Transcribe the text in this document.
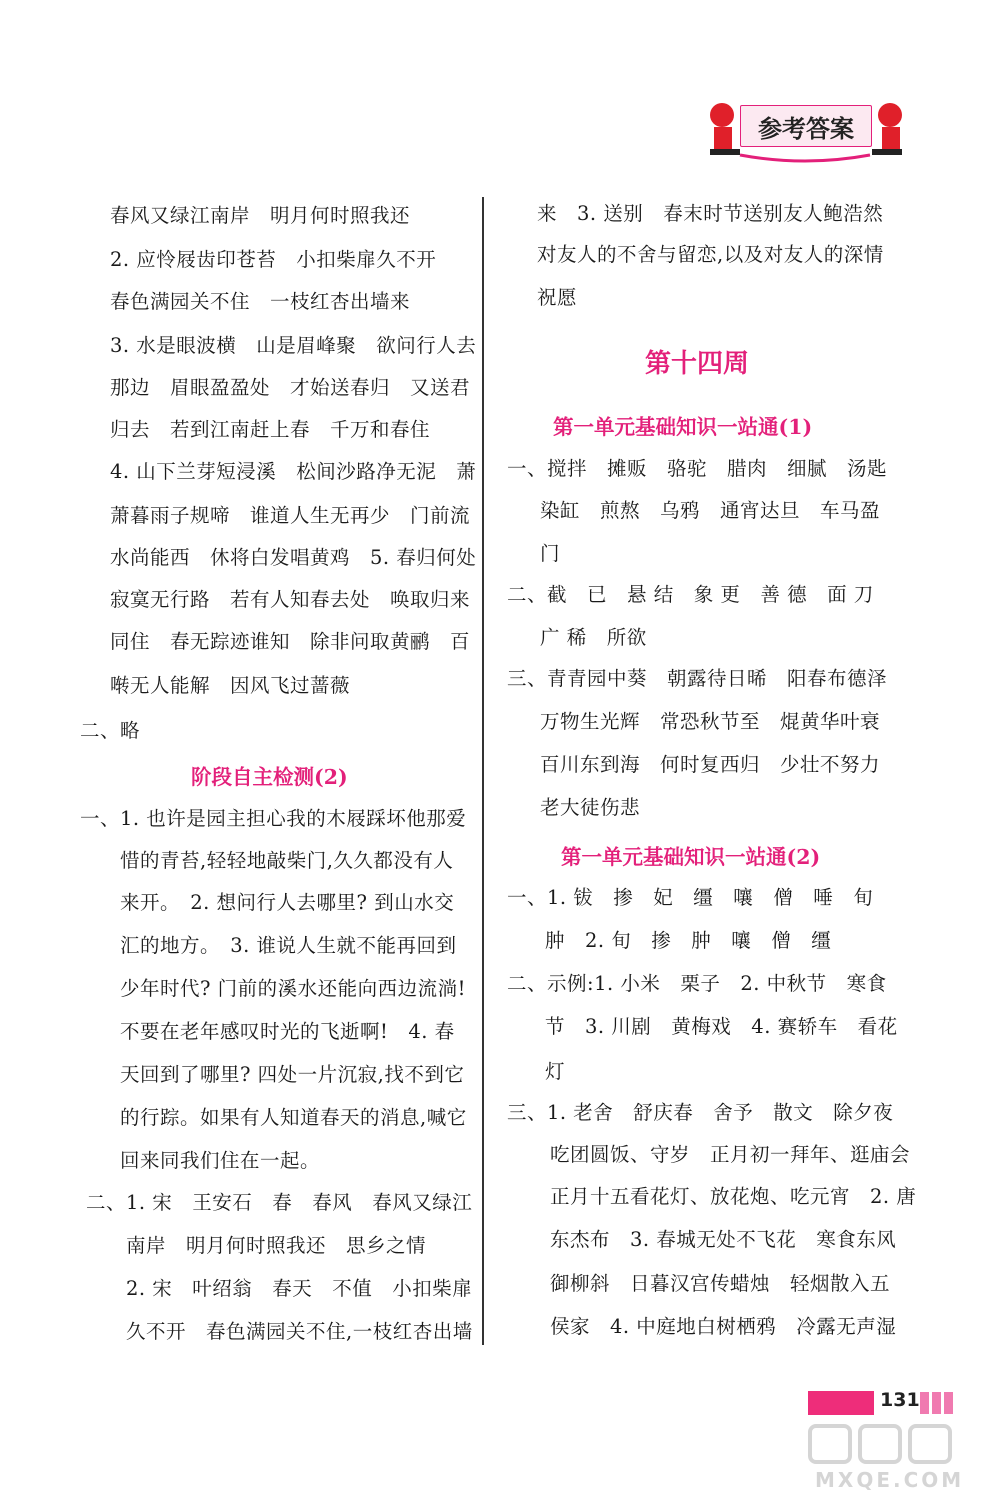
参考答案
春风又绿江南岸　明月何时照我还
2. 应怜屐齿印苍苔　小扣柴扉久不开
春色满园关不住　一枝红杏出墙来
3. 水是眼波横　山是眉峰聚　欲问行人去
那边　眉眼盈盈处　才始送春归　又送君
归去　若到江南赶上春　千万和春住
4. 山下兰芽短浸溪　松间沙路净无泥　萧
萧暮雨子规啼　谁道人生无再少　门前流
水尚能西　休将白发唱黄鸡　5. 春归何处
寂寞无行路　若有人知春去处　唤取归来
同住　春无踪迹谁知　除非问取黄鹂　百
啭无人能解　因风飞过蔷薇
二、略
阶段自主检测(2)
一、1. 也许是园主担心我的木屐踩坏他那爱
惜的青苔,轻轻地敲柴门,久久都没有人
来开。　2. 想问行人去哪里? 到山水交
汇的地方。　3. 谁说人生就不能再回到
少年时代? 门前的溪水还能向西边流淌!
不要在老年感叹时光的飞逝啊!　4. 春
天回到了哪里? 四处一片沉寂,找不到它
的行踪。如果有人知道春天的消息,喊它
回来同我们住在一起。
二、1. 宋　王安石　春　春风　春风又绿江
南岸　明月何时照我还　思乡之情
2. 宋　叶绍翁　春天　不值　小扣柴扉
久不开　春色满园关不住,一枝红杏出墙
来　3. 送别　春末时节送别友人鲍浩然
对友人的不舍与留恋,以及对友人的深情
祝愿
第十四周
第一单元基础知识一站通(1)
一、搅拌　摊贩　骆驼　腊肉　细腻　汤匙
染缸　煎熬　乌鸦　通宵达旦　车马盈
门
二、截　已　悬 结　象 更　善 德　面 刀
广 稀　所欲
三、青青园中葵　朝露待日晞　阳春布德泽
万物生光辉　常恐秋节至　焜黄华叶衰
百川东到海　何时复西归　少壮不努力
老大徒伤悲
第一单元基础知识一站通(2)
一、1. 钹　掺　妃　缰　嚷　僧　唾　旬
肿　2. 旬　掺　肿　嚷　僧　缰
二、示例:1. 小米　栗子　2. 中秋节　寒食
节　3. 川剧　黄梅戏　4. 赛轿车　看花
灯
三、1. 老舍　舒庆春　舍予　散文　除夕夜
吃团圆饭、守岁　正月初一拜年、逛庙会
正月十五看花灯、放花炮、吃元宵　2. 唐
东杰布　3. 春城无处不飞花　寒食东风
御柳斜　日暮汉宫传蜡烛　轻烟散入五
侯家　4. 中庭地白树栖鸦　冷露无声湿
131
MXQE.COM
